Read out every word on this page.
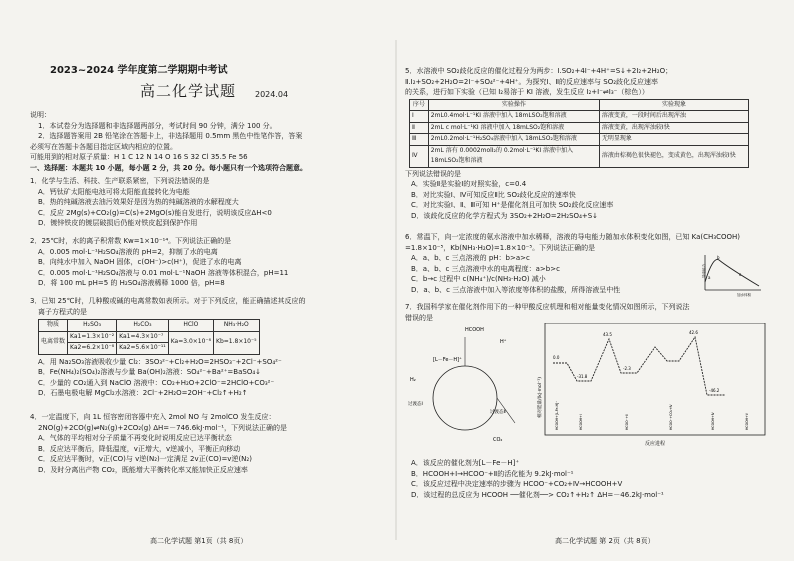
2023~2024 学年度第二学期期中考试
高二化学试题 2024.04

说明：

1．本试卷分为选择题和非选择题两部分，考试时间 90 分钟，满分 100 分。

2．选择题答案用 2B 铅笔涂在答题卡上，非选择题用 0.5mm 黑色中性笔作答，答案

必须写在答题卡各题目指定区域内相应的位置。

可能用到的相对原子质量：H 1 C 12 N 14 O 16 S 32 Cl 35.5 Fe 56

一、选择题：本题共 10 小题，每小题 2 分，共 20 分。每小题只有一个选项符合题意。

1．化学与生活、科技、生产联系紧密，下列说法错误的是

A．钙钛矿太阳能电池可将太阳能直接转化为电能

B．热的纯碱溶液去油污效果好是因为热的纯碱溶液的水解程度大

C．反应 2Mg(s)+CO₂(g)=C(s)+2MgO(s)能自发进行，说明该反应ΔH<0

D．镀锌铁皮的镀层破损后仍能对铁皮起到保护作用

2．25℃时，水的离子积常数 Kw=1×10⁻¹⁴。下列说法正确的是

A．0.005 mol·L⁻¹H₂SO₄溶液的 pH=2，抑制了水的电离

B．向纯水中加入 NaOH 固体，c(OH⁻)>c(H⁺)，促进了水的电离

C．0.005 mol·L⁻¹H₂SO₄溶液与 0.01 mol·L⁻¹NaOH 溶液等体积混合，pH=11

D．将 100 mL pH=5 的 H₂SO₄溶液稀释 1000 倍，pH=8

3．已知 25℃时，几种酸或碱的电离常数如表所示。对于下列反应，能正确描述其反应的

离子方程式的是

物质	H₂SO₃	H₂CO₃	HClO	NH₃·H₂O
电离常数	Ka1=1.3×10⁻²	Ka1=4.3×10⁻⁷	Ka=3.0×10⁻⁸	Kb=1.8×10⁻⁵
	Ka2=6.2×10⁻⁸	Ka2=5.6×10⁻¹¹		

A．用 Na₂SO₃溶液吸收少量 Cl₂：3SO₃²⁻+Cl₂+H₂O=2HSO₃⁻+2Cl⁻+SO₄²⁻

B．Fe(NH₄)₂(SO₄)₂溶液与少量 Ba(OH)₂溶液：SO₄²⁻+Ba²⁺=BaSO₄↓

C．少量的 CO₂通入到 NaClO 溶液中：CO₂+H₂O+2ClO⁻=2HClO+CO₃²⁻

D．石墨电极电解 MgCl₂水溶液：2Cl⁻+2H₂O=2OH⁻+Cl₂↑+H₂↑

4．一定温度下，向 1L 恒容密闭容器中充入 2mol NO 与 2molCO 发生反应：

2NO(g)+2CO(g)⇌N₂(g)+2CO₂(g) ΔH=－746.6kJ·mol⁻¹，下列说法正确的是

A．气体的平均相对分子质量不再变化时说明反应已达平衡状态

B．反应达平衡后，降低温度，v正增大，v逆减小，平衡正向移动

C．反应达平衡时，v正(CO)与 v逆(N₂)一定满足 2v正(CO)=v逆(N₂)

D．及时分离出产物 CO₂，既能增大平衡转化率又能加快正反应速率

高二化学试题 第1页（共 8页）

5．水溶液中 SO₂歧化反应的催化过程分为两步：Ⅰ.SO₂+4I⁻+4H⁺=S↓+2I₂+2H₂O；

Ⅱ.I₂+SO₂+2H₂O=2I⁻+SO₄²⁻+4H⁺。为探究Ⅰ、Ⅱ的反应速率与 SO₂歧化反应速率

的关系，进行如下实验（已知 I₂易溶于 KI 溶液，发生反应 I₂+I⁻⇌I₃⁻（棕色））

序号	实验操作	实验现象
Ⅰ	2mL0.4mol·L⁻¹KI 溶液中加入 18mLSO₂饱和溶液	溶液变黄，一段时间后出现浑浊
Ⅱ	2mL c mol·L⁻¹KI 溶液中加入 18mLSO₂饱和溶液	溶液变黄，出现浑浊较Ⅰ快
Ⅲ	2mL0.2mol·L⁻¹H₂SO₄溶液中加入 18mLSO₂饱和溶液	无明显现象
Ⅳ	2mL 溶有 0.0002molI₂的 0.2mol·L⁻¹KI 溶液中加入 18mLSO₂饱和溶液	溶液由棕褐色很快褪色，变成黄色，出现浑浊较Ⅰ快

下列说法错误的是

A．实验Ⅱ是实验Ⅰ的对照实验，c=0.4

B．对比实验Ⅰ、Ⅳ可知反应Ⅱ比 SO₂歧化反应的速率快

C．对比实验Ⅰ、Ⅱ、Ⅲ可知 H⁺是催化剂且可加快 SO₂歧化反应速率

D．该歧化反应的化学方程式为 3SO₂+2H₂O=2H₂SO₄+S↓

6．常温下，向一定浓度的氨水溶液中加水稀释，溶液的导电能力随加水体积变化如图，已知 Ka(CH₃COOH)

=1.8×10⁻⁵，Kb(NH₃·H₂O)=1.8×10⁻⁵。下列说法正确的是

A．a、b、c 三点溶液的 pH：b>a>c

B．a、b、c 三点溶液中水的电离程度：a>b>c

C．b→c 过程中 c(NH₄⁺)/c(NH₃·H₂O) 减小

D．a、b、c 三点溶液中加入等浓度等体积的盐酸，所得溶液呈中性

a
b
c
导电能力
加水体积

7．我国科学家在催化剂作用下的一种甲酸反应机理和相对能量变化情况如图所示，下列说法

错误的是

HCOOH
[L－Fe－H]⁺
H⁺
过渡态Ⅰ
过渡态Ⅱ
CO₂
H₂	相对能量/(kJ·mol⁻¹)
反应进程
0.0
-31.8
43.5
-2.3
42.6
-46.2
HCOOH+[L-Fe-H]⁺	HCOOH+Ⅰ	HCOO⁻+Ⅱ	HCOO⁻+CO₂+Ⅳ	HCOOH+Ⅳ	HCOOH+Ⅴ

A．该反应的催化剂为[L－Fe－H]⁺

B．HCOOH+Ⅰ→HCOO⁻+Ⅱ的活化能为 9.2kJ·mol⁻¹

C．该反应过程中决定速率的步骤为 HCOO⁻+CO₂+Ⅳ→HCOOH+Ⅴ

D．该过程的总反应为 HCOOH ──催化剂──> CO₂↑+H₂↑ ΔH=－46.2kJ·mol⁻¹

高二化学试题 第 2页（共 8页）
